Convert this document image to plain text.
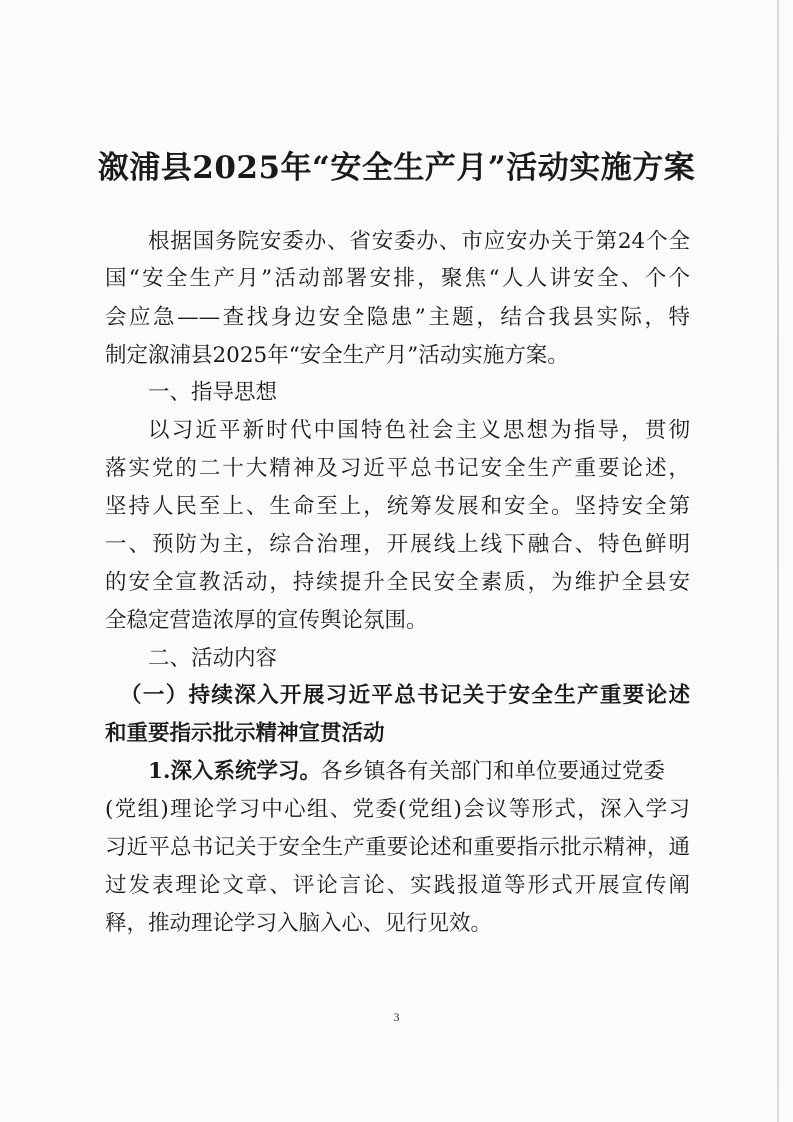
溆浦县2025年“安全生产月”活动实施方案
根据国务院安委办、省安委办、市应安办关于第24个全
国“安全生产月”活动部署安排，聚焦“人人讲安全、个个
会应急——查找身边安全隐患”主题，结合我县实际，特
制定溆浦县2025年“安全生产月”活动实施方案。
一、指导思想
以习近平新时代中国特色社会主义思想为指导，贯彻
落实党的二十大精神及习近平总书记安全生产重要论述，
坚持人民至上、生命至上，统筹发展和安全。坚持安全第
一、预防为主，综合治理，开展线上线下融合、特色鲜明
的安全宣教活动，持续提升全民安全素质，为维护全县安
全稳定营造浓厚的宣传舆论氛围。
二、活动内容
（一）持续深入开展习近平总书记关于安全生产重要论述
和重要指示批示精神宣贯活动
1.深入系统学习。各乡镇各有关部门和单位要通过党委
(党组)理论学习中心组、党委(党组)会议等形式，深入学习
习近平总书记关于安全生产重要论述和重要指示批示精神，通
过发表理论文章、评论言论、实践报道等形式开展宣传阐
释，推动理论学习入脑入心、见行见效。
3
